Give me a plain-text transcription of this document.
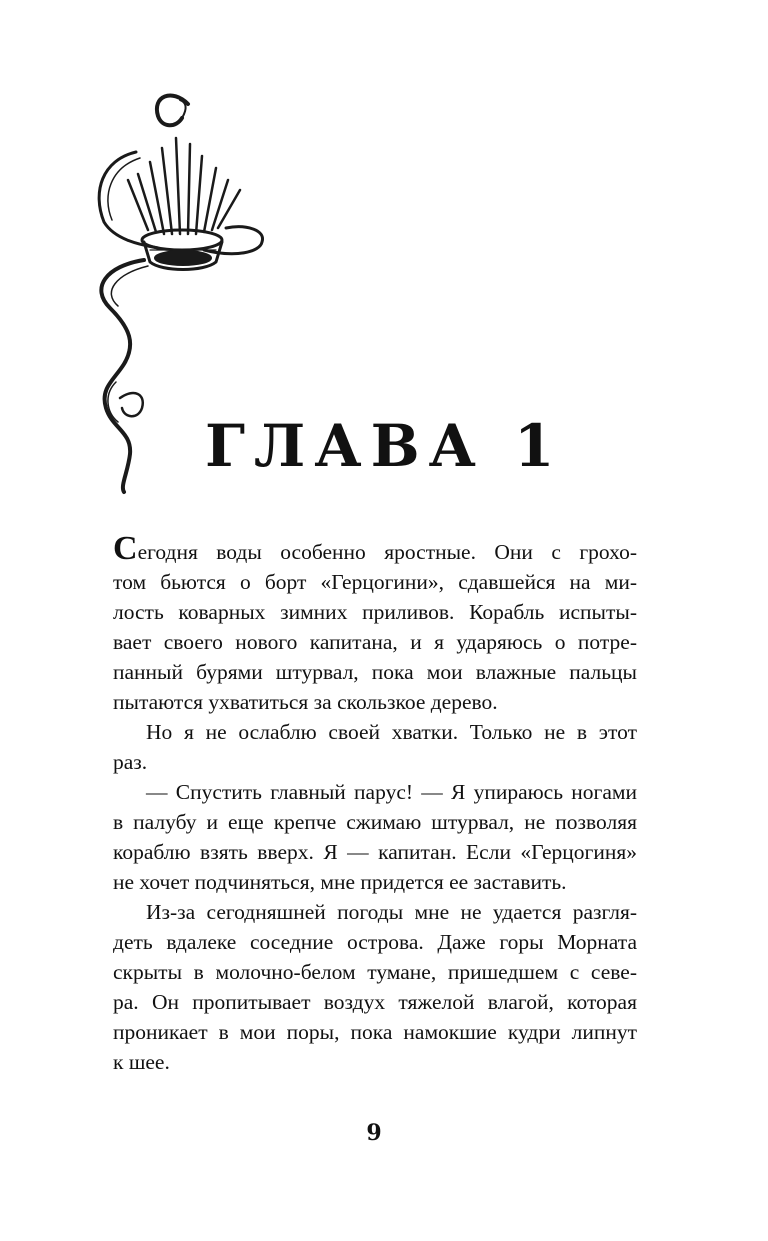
ГЛАВА 1
Сегодня воды особенно яростные. Они с грохо-
том бьются о борт «Герцогини», сдавшейся на ми-
лость коварных зимних приливов. Корабль испыты-
вает своего нового капитана, и я ударяюсь о потре-
панный бурями штурвал, пока мои влажные пальцы
пытаются ухватиться за скользкое дерево.
Но я не ослаблю своей хватки. Только не в этот
раз.
— Спустить главный парус! — Я упираюсь ногами
в палубу и еще крепче сжимаю штурвал, не позволяя
кораблю взять вверх. Я — капитан. Если «Герцогиня»
не хочет подчиняться, мне придется ее заставить.
Из-за сегодняшней погоды мне не удается разгля-
деть вдалеке соседние острова. Даже горы Морната
скрыты в молочно-белом тумане, пришедшем с севе-
ра. Он пропитывает воздух тяжелой влагой, которая
проникает в мои поры, пока намокшие кудри липнут
к шее.
9
